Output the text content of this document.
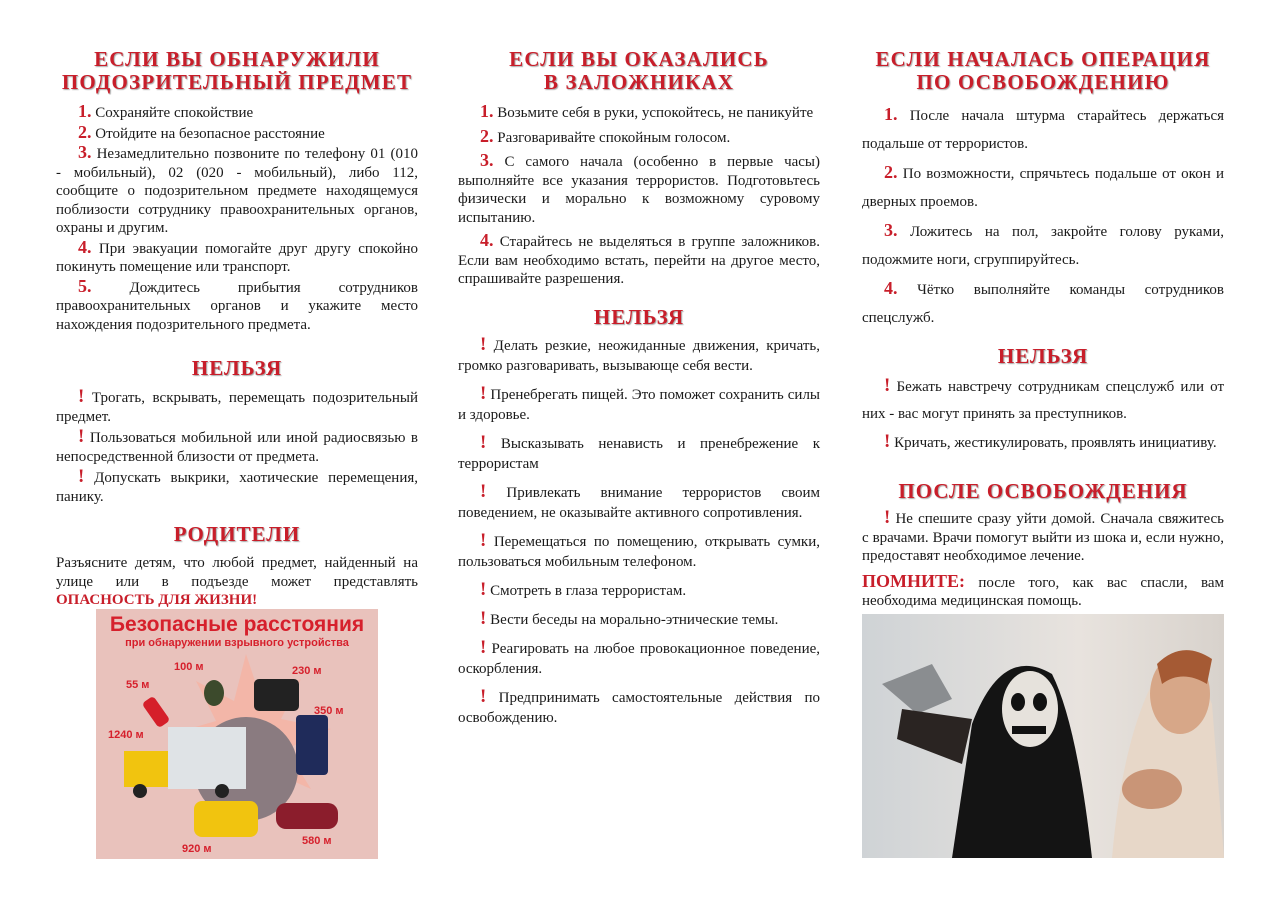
ЕСЛИ ВЫ ОБНАРУЖИЛИ
ПОДОЗРИТЕЛЬНЫЙ ПРЕДМЕТ

1. Сохраняйте спокойствие

2. Отойдите на безопасное расстояние

3. Незамедлительно позвоните по телефону 01 (010 - мобильный), 02 (020 - мобильный), либо 112, сообщите о подозрительном предмете находящемуся поблизости сотруднику правоохранительных органов, охраны и другим.

4. При эвакуации помогайте друг другу спокойно покинуть помещение или транспорт.

5.	Дождитесь прибытия сотрудников правоохранительных органов и укажите место нахождения подозрительного предмета.

НЕЛЬЗЯ

! Трогать, вскрывать, перемещать подозрительный предмет.

! Пользоваться мобильной или иной радиосвязью в непосредственной близости от предмета.

! Допускать выкрики, хаотические перемещения, панику.

РОДИТЕЛИ

Разъясните детям, что любой предмет, найденный на улице или в подъезде может представлять ОПАСНОСТЬ ДЛЯ ЖИЗНИ!

Безопасные расстояния
при обнаружении взрывного устройства
55 м
100 м	230 м
350 м
1240 м
920 м
580 м
ЕСЛИ ВЫ ОКАЗАЛИСЬ
В ЗАЛОЖНИКАХ

1. Возьмите себя в руки, успокойтесь, не паникуйте

2. Разговаривайте спокойным голосом.

3. С самого начала (особенно в первые часы) выполняйте все указания террористов. Подготовьтесь физически и морально к возможному суровому испытанию.

4. Старайтесь не выделяться в группе заложников. Если вам необходимо встать, перейти на другое место, спрашивайте разрешения.

НЕЛЬЗЯ

! Делать резкие, неожиданные движения, кричать, громко разговаривать, вызывающе себя вести.

! Пренебрегать пищей. Это поможет сохранить силы и здоровье.

! Высказывать ненависть и пренебрежение к террористам

! Привлекать внимание террористов своим поведением, не оказывайте активного сопротивления.

! Перемещаться по помещению, открывать сумки, пользоваться мобильным телефоном.

! Смотреть в глаза террористам.

! Вести беседы на морально-этнические темы.

! Реагировать на любое провокационное поведение, оскорбления.

! Предпринимать самостоятельные действия по освобождению.

ЕСЛИ НАЧАЛАСЬ ОПЕРАЦИЯ
ПО ОСВОБОЖДЕНИЮ

1. После начала штурма старайтесь держаться подальше от террористов.

2. По возможности, спрячьтесь подальше от окон и дверных проемов.

3. Ложитесь на пол, закройте голову руками, подожмите ноги, сгруппируйтесь.

4. Чётко выполняйте команды сотрудников спецслужб.

НЕЛЬЗЯ

! Бежать навстречу сотрудникам спецслужб или от них - вас могут принять за преступников.

! Кричать, жестикулировать, проявлять инициативу.

ПОСЛЕ ОСВОБОЖДЕНИЯ

! Не спешите сразу уйти домой. Сначала свяжитесь с врачами. Врачи помогут выйти из шока и, если нужно, предоставят необходимое лечение.

ПОМНИТЕ: после того, как вас спасли, вам необходима медицинская помощь.
